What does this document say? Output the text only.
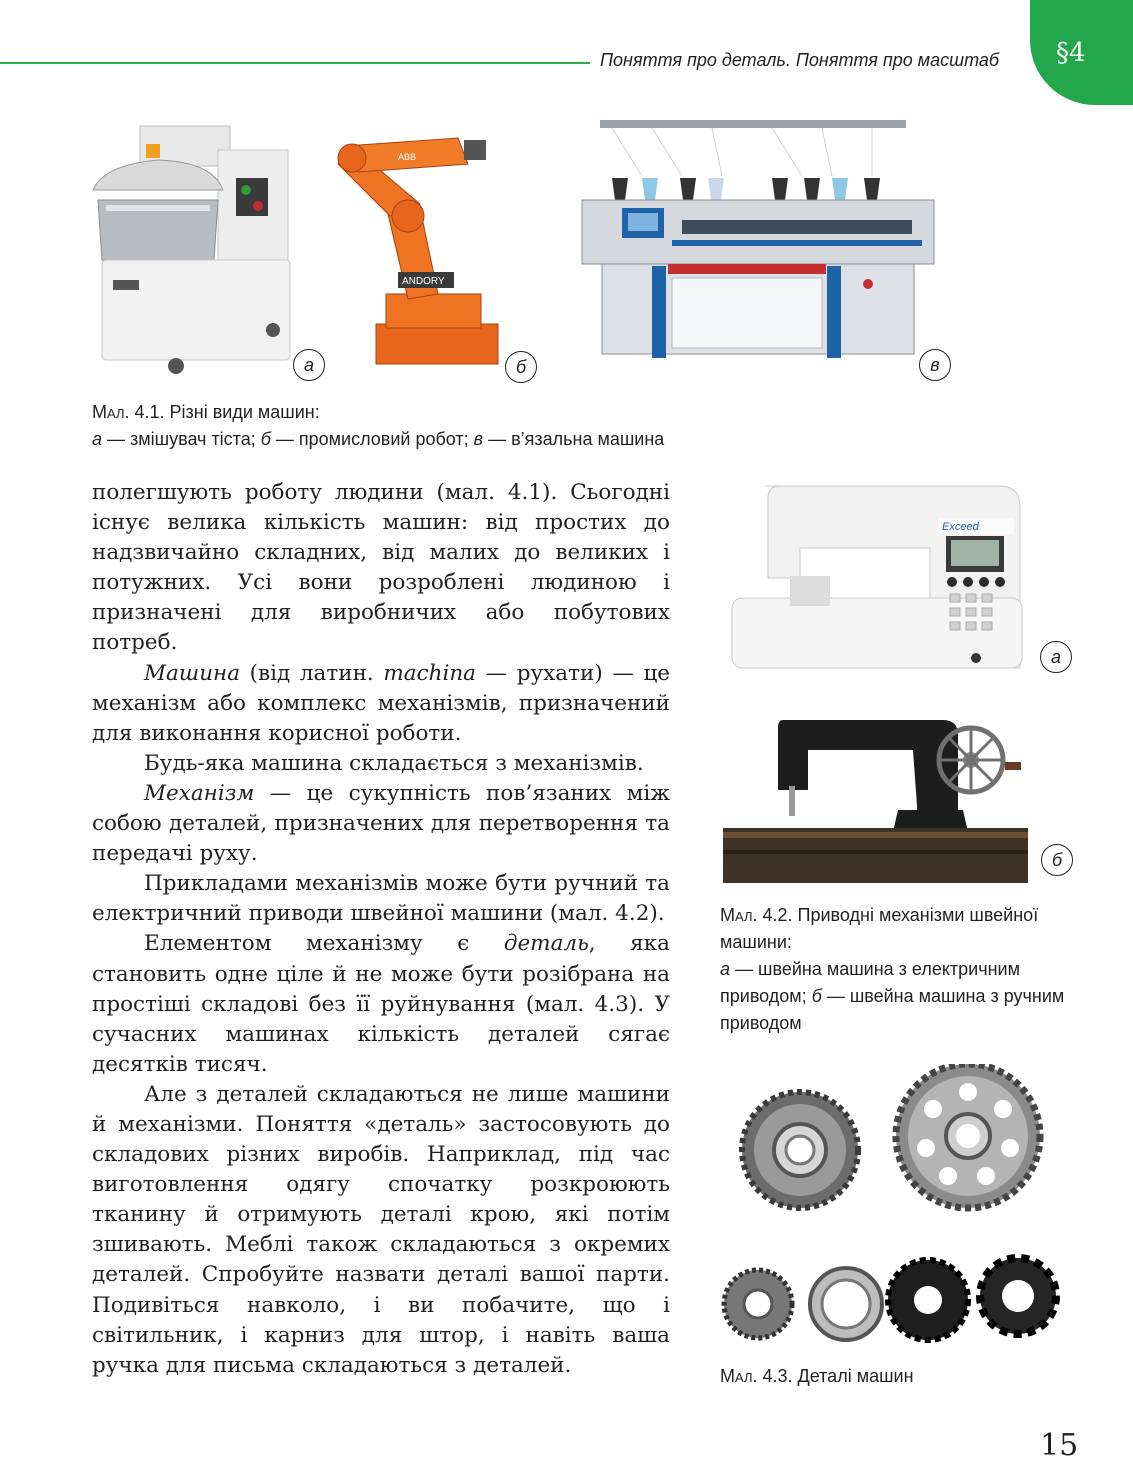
Поняття про деталь. Поняття про масштаб §4
ANDORY
ABB
а	б	в
Мал. 4.1. Різні види машин:
а — змішувач тіста; б — промисловий робот; в — в’язальна машина

полегшують роботу людини (мал. 4.1). Сьогодні існує велика кількість машин: від простих до надзвичайно складних, від малих до великих і потужних. Усі вони розроблені людиною і призначені для виробничих або побутових потреб.

Машина (від латин. machina — рухати) — це механізм або комплекс механізмів, призначений для виконання корисної роботи.

Будь-яка машина складається з механізмів.

Механізм — це сукупність пов’язаних між собою деталей, призначених для перетворення та передачі руху.

Прикладами механізмів може бути ручний та електричний приводи швейної машини (мал. 4.2).

Елементом механізму є деталь, яка становить одне ціле й не може бути розібрана на простіші складові без її руйнування (мал. 4.3). У сучасних машинах кількість деталей сягає десятків тисяч.

Але з деталей складаються не лише машини й механізми. Поняття «деталь» застосовують до складових різних виробів. Наприклад, під час виготовлення одягу спочатку розкроюють тканину й отримують деталі крою, які потім зшивають. Меблі також складаються з окремих деталей. Спробуйте назвати деталі вашої парти. Подивіться навколо, і ви побачите, що і світильник, і карниз для штор, і навіть ваша ручка для письма складаються з деталей.

Exceed
а
б
Мал. 4.2. Приводні механізми швейної машини:
а — швейна машина з електричним приводом; б — швейна машина з ручним приводом
Мал. 4.3. Деталі машин
15
